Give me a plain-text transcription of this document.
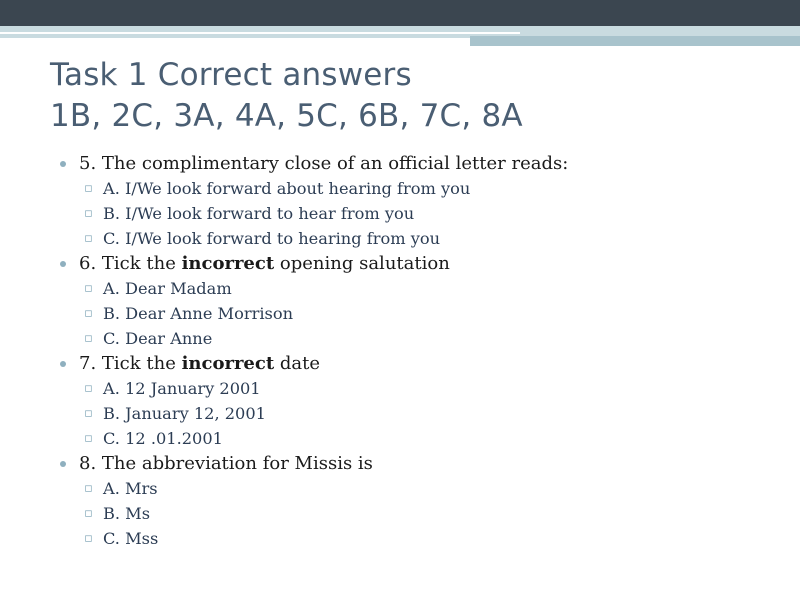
Task 1 Correct answers
1B, 2C, 3A, 4A, 5C, 6B, 7C, 8A
5. The complimentary close of an official letter reads:
▫ A. I/We look forward about hearing from you
▫ B. I/We look forward to hear from you
▫ C. I/We look forward to hearing from you
6. Tick the incorrect opening salutation
▫ A. Dear Madam
▫ B. Dear Anne Morrison
▫ C. Dear Anne
7. Tick the incorrect date
▫ A. 12 January 2001
▫ B. January 12, 2001
▫ C. 12 .01.2001
8. The abbreviation for Missis is
▫ A. Mrs
▫ B. Ms
▫ C. Mss
